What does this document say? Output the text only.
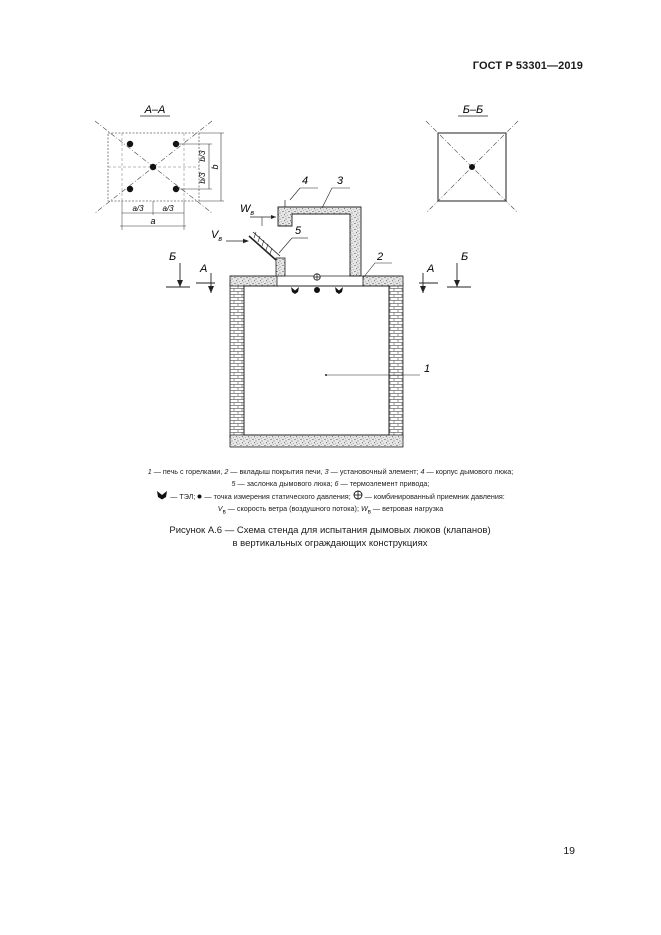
ГОСТ Р 53301—2019
А–А
a/3 a/3
a
b/3
b/3
b
Б–Б
1
2
3
4
5
$W_в$
$V_в$
Б
А	А
Б
1 — печь с горелками, 2 — вкладыш покрытия печи, 3 — установочный элемент; 4 — корпус дымового люка;
5 — заслонка дымового люка; 6 — термоэлемент привода;
— ТЭЛ;  — точка измерения статического давления;  — комбинированный приемник давления:
$V_в$ — скорость ветра (воздушного потока); $W_в$ — ветровая нагрузка
Рисунок А.6 — Схема стенда для испытания дымовых люков (клапанов)
в вертикальных ограждающих конструкциях
19
